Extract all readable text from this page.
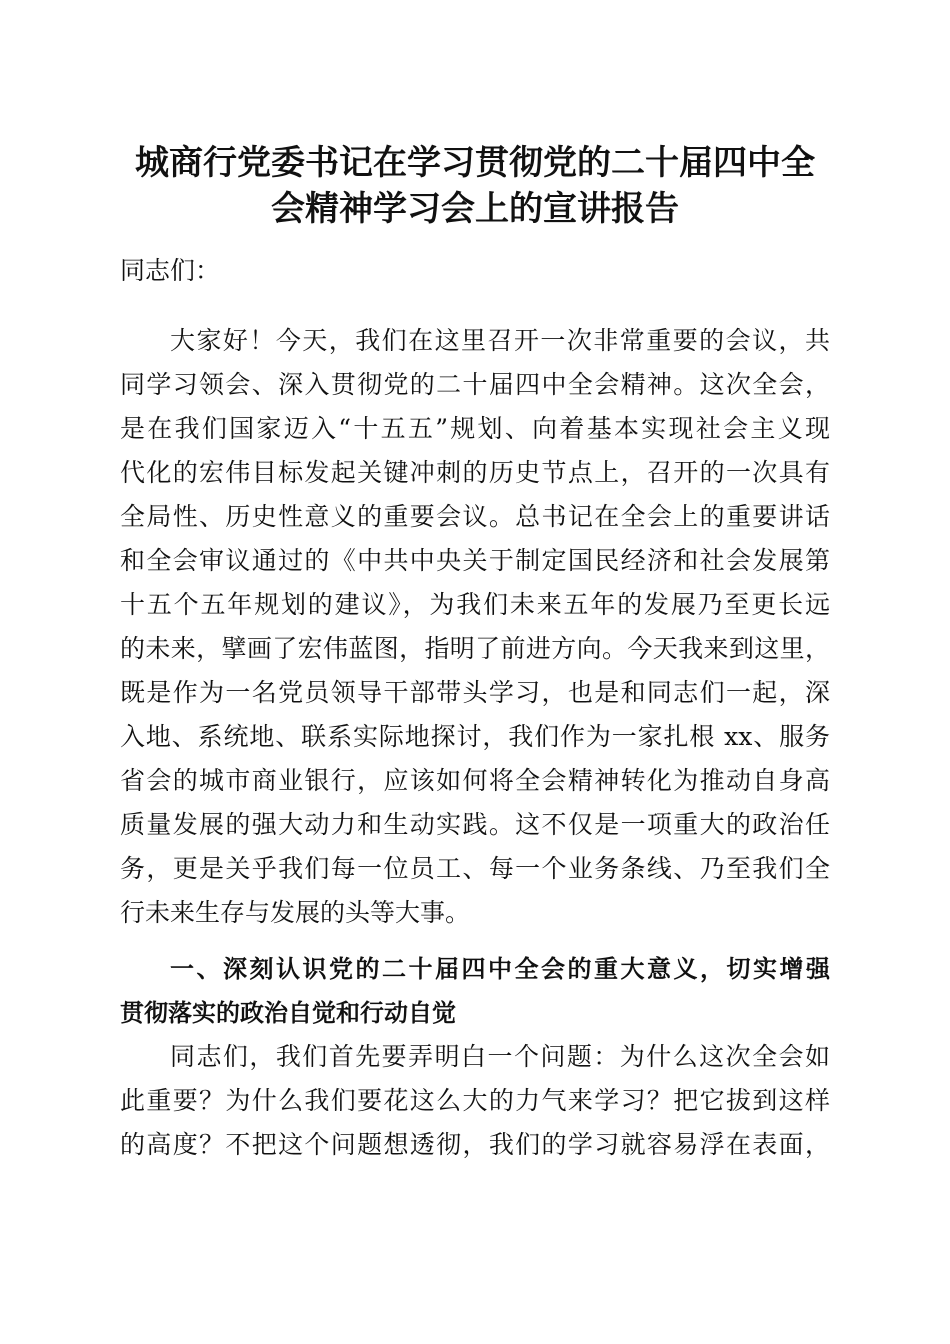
城商行党委书记在学习贯彻党的二十届四中全
会精神学习会上的宣讲报告
同志们：
大家好！今天，我们在这里召开一次非常重要的会议，共
同学习领会、深入贯彻党的二十届四中全会精神。这次全会，
是在我们国家迈入“十五五”规划、向着基本实现社会主义现
代化的宏伟目标发起关键冲刺的历史节点上，召开的一次具有
全局性、历史性意义的重要会议。总书记在全会上的重要讲话
和全会审议通过的《中共中央关于制定国民经济和社会发展第
十五个五年规划的建议》，为我们未来五年的发展乃至更长远
的未来，擘画了宏伟蓝图，指明了前进方向。今天我来到这里，
既是作为一名党员领导干部带头学习，也是和同志们一起，深
入地、系统地、联系实际地探讨，我们作为一家扎根 xx、服务
省会的城市商业银行，应该如何将全会精神转化为推动自身高
质量发展的强大动力和生动实践。这不仅是一项重大的政治任
务，更是关乎我们每一位员工、每一个业务条线、乃至我们全
行未来生存与发展的头等大事。
一、深刻认识党的二十届四中全会的重大意义，切实增强
贯彻落实的政治自觉和行动自觉
同志们，我们首先要弄明白一个问题：为什么这次全会如
此重要？为什么我们要花这么大的力气来学习？把它拔到这样
的高度？不把这个问题想透彻，我们的学习就容易浮在表面，
